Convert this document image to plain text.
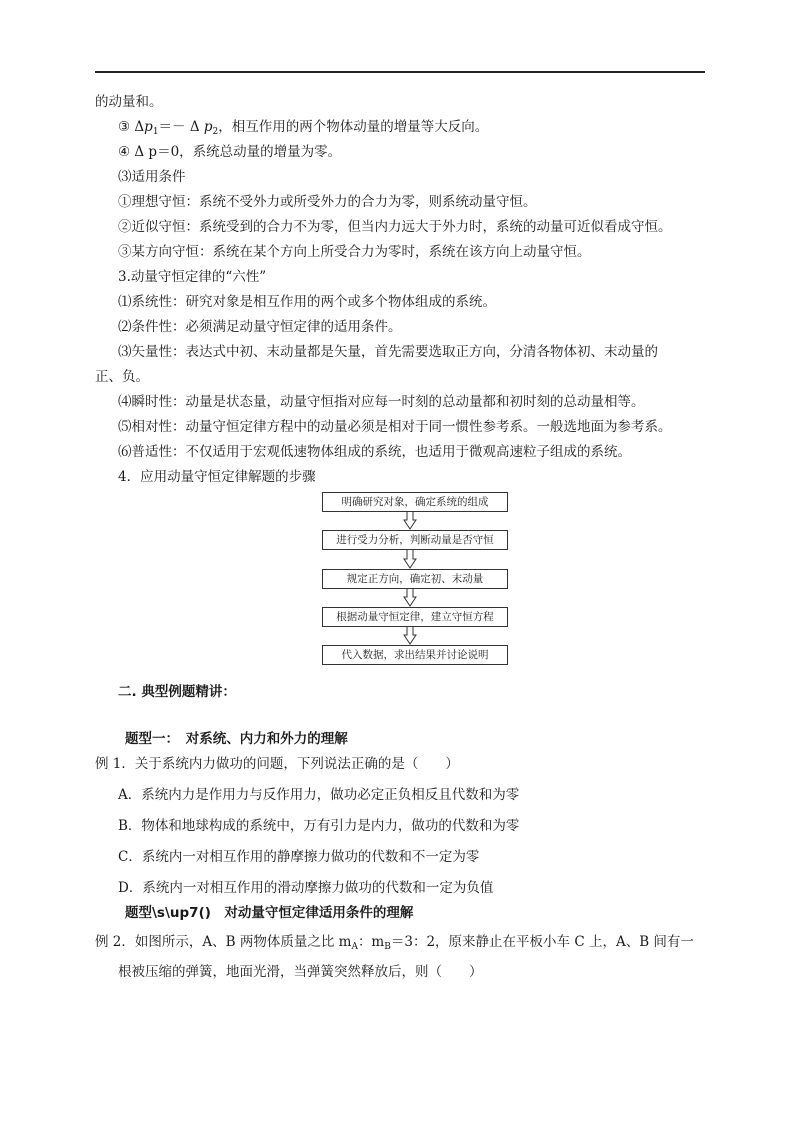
的动量和。
③ $\Delta p_1=- \Delta$ $p_2$，相互作用的两个物体动量的增量等大反向。
④ Δ p＝0，系统总动量的增量为零。
⑶适用条件
①理想守恒：系统不受外力或所受外力的合力为零，则系统动量守恒。
②近似守恒：系统受到的合力不为零，但当内力远大于外力时，系统的动量可近似看成守恒。
③某方向守恒：系统在某个方向上所受合力为零时，系统在该方向上动量守恒。
3.动量守恒定律的“六性”
⑴系统性：研究对象是相互作用的两个或多个物体组成的系统。
⑵条件性：必须满足动量守恒定律的适用条件。
⑶矢量性：表达式中初、末动量都是矢量，首先需要选取正方向，分清各物体初、末动量的
正、负。
⑷瞬时性：动量是状态量，动量守恒指对应每一时刻的总动量都和初时刻的总动量相等。
⑸相对性：动量守恒定律方程中的动量必须是相对于同一惯性参考系。一般选地面为参考系。
⑹普适性：不仅适用于宏观低速物体组成的系统，也适用于微观高速粒子组成的系统。
4．应用动量守恒定律解题的步骤
明确研究对象，确定系统的组成
进行受力分析，判断动量是否守恒
规定正方向，确定初、末动量
根据动量守恒定律，建立守恒方程
代入数据，求出结果并讨论说明
二. 典型例题精讲：
题型一：　对系统、内力和外力的理解
例 1．关于系统内力做功的问题，下列说法正确的是（　　）
A．系统内力是作用力与反作用力，做功必定正负相反且代数和为零
B．物体和地球构成的系统中，万有引力是内力，做功的代数和为零
C．系统内一对相互作用的静摩擦力做功的代数和不一定为零
D．系统内一对相互作用的滑动摩擦力做功的代数和一定为负值
题型\s\up7()　对动量守恒定律适用条件的理解
例 2．如图所示，A、B 两物体质量之比 $m_A$：$m_B=3$：2，原来静止在平板小车 C 上，A、B 间有一
根被压缩的弹簧，地面光滑，当弹簧突然释放后，则（　　）
